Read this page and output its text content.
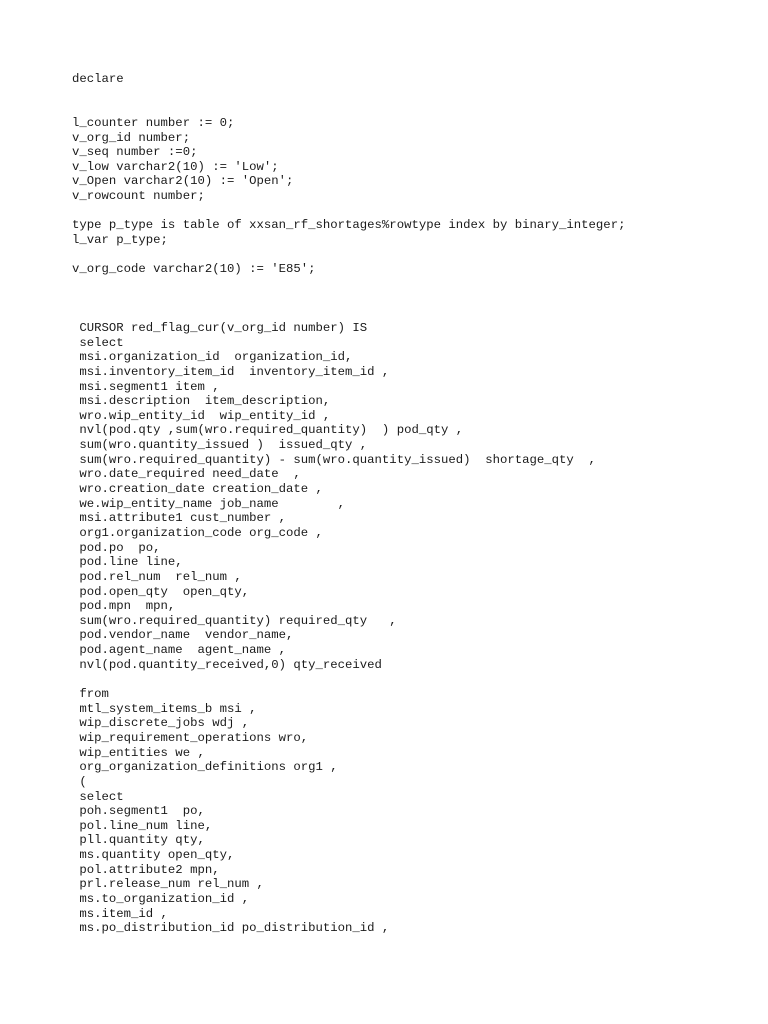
declare
l_counter number := 0;
v_org_id number;
v_seq number :=0;
v_low varchar2(10) := 'Low';
v_Open varchar2(10) := 'Open';
v_rowcount number;
type p_type is table of xxsan_rf_shortages%rowtype index by binary_integer;
l_var p_type;
v_org_code varchar2(10) := 'E85';
CURSOR red_flag_cur(v_org_id number) IS
select
msi.organization_id  organization_id,
msi.inventory_item_id  inventory_item_id ,
msi.segment1 item ,
msi.description  item_description,
wro.wip_entity_id  wip_entity_id ,
nvl(pod.qty ,sum(wro.required_quantity)  ) pod_qty ,
sum(wro.quantity_issued )  issued_qty ,
sum(wro.required_quantity) - sum(wro.quantity_issued)  shortage_qty  ,
wro.date_required need_date  ,
wro.creation_date creation_date ,
we.wip_entity_name job_name        ,
msi.attribute1 cust_number ,
org1.organization_code org_code ,
pod.po  po,
pod.line line,
pod.rel_num  rel_num ,
pod.open_qty  open_qty,
pod.mpn  mpn,
sum(wro.required_quantity) required_qty   ,
pod.vendor_name  vendor_name,
pod.agent_name  agent_name ,
nvl(pod.quantity_received,0) qty_received
from
mtl_system_items_b msi ,
wip_discrete_jobs wdj ,
wip_requirement_operations wro,
wip_entities we ,
org_organization_definitions org1 ,
(
select
poh.segment1  po,
pol.line_num line,
pll.quantity qty,
ms.quantity open_qty,
pol.attribute2 mpn,
prl.release_num rel_num ,
ms.to_organization_id ,
ms.item_id ,
ms.po_distribution_id po_distribution_id ,
